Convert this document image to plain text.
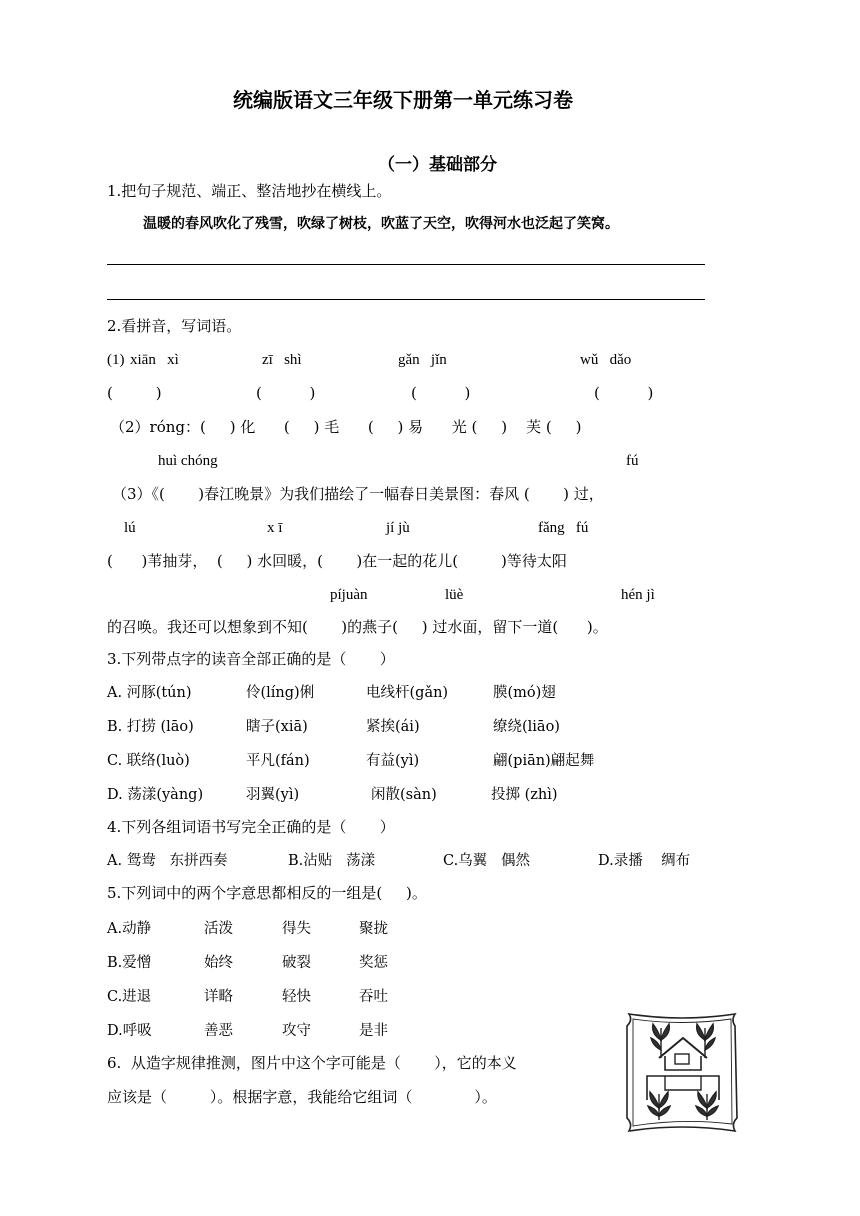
统编版语文三年级下册第一单元练习卷
（一）基础部分
1.把句子规范、端正、整洁地抄在横线上。
温暖的春风吹化了残雪，吹绿了树枝，吹蓝了天空，吹得河水也泛起了笑窝。
2.看拼音，写词语。
(1) xiān   xì	zī   shì	gǎn   jǐn	wǔ   dǎo
(         )	(          )	(          )	(          )
（2）róng：(     ) 化      (     ) 毛      (     ) 易      光 (     )    芙 (     )
huì chóng	fú
（3）《(       )春江晚景》为我们描绘了一幅春日美景图：春风 (       ) 过，
lú	x ī	jí jù	fǎng   fú
(      )苇抽芽，  (     ) 水回暖，(       )在一起的花儿(         )等待太阳
píjuàn	lüè	hén jì
的召唤。我还可以想象到不知(       )的燕子(     ) 过水面，留下一道(      )。
3.下列带点字的读音全部正确的是（       ）
A. 河豚(tún)	伶(líng)俐	电线杆(gǎn)	膜(mó)翅
B. 打捞 (lāo)	瞎子(xiā)	紧挨(ái)	缭绕(liāo)
C. 联络(luò)	平凡(fán)	有益(yì)	翩(piān)翩起舞
D. 荡漾(yàng)	羽翼(yì)	闲散(sàn)	投掷 (zhì)
4.下列各组词语书写完全正确的是（       ）
A. 鸳鸯   东拼西奏	B.沾贴   荡漾	C.乌翼   偶然	D.录播    绸布
5.下列词中的两个字意思都相反的一组是(     )。
A.动静	活泼	得失	聚拢
B.爱憎	始终	破裂	奖惩
C.进退	详略	轻快	吞吐
D.呼吸	善恶	攻守	是非
6.  从造字规律推测，图片中这个字可能是（       ），它的本义
应该是（         ）。根据字意，我能给它组词（             ）。
